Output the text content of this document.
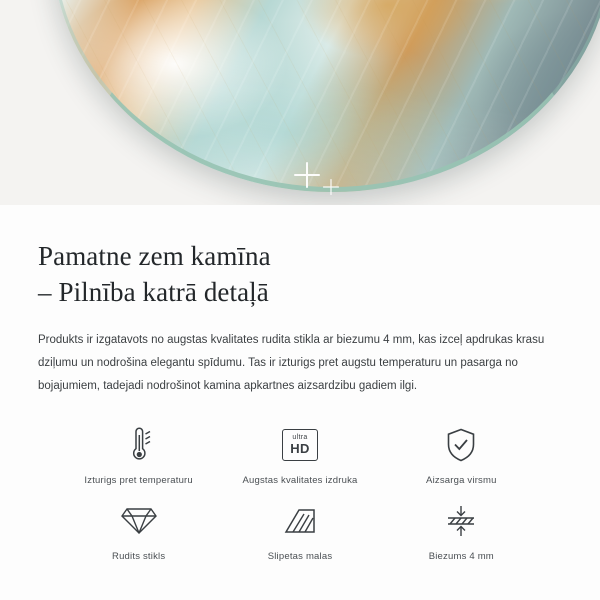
Pamatne zem kamīna
– Pilnība katrā detaļā

Produkts ir izgatavots no augstas kvalitates rudita stikla ar biezumu 4 mm, kas izceļ apdrukas krasu dziļumu un nodrošina elegantu spīdumu. Tas ir izturigs pret augstu temperaturu un pasarga no bojajumiem, tadejadi nodrošinot kamina apkartnes aizsardzibu gadiem ilgi.

Izturigs pret temperaturu
ultra
HD
Augstas kvalitates izdruka	Aizsarga virsmu
Rudits stikls	Slipetas malas	Biezums 4 mm
